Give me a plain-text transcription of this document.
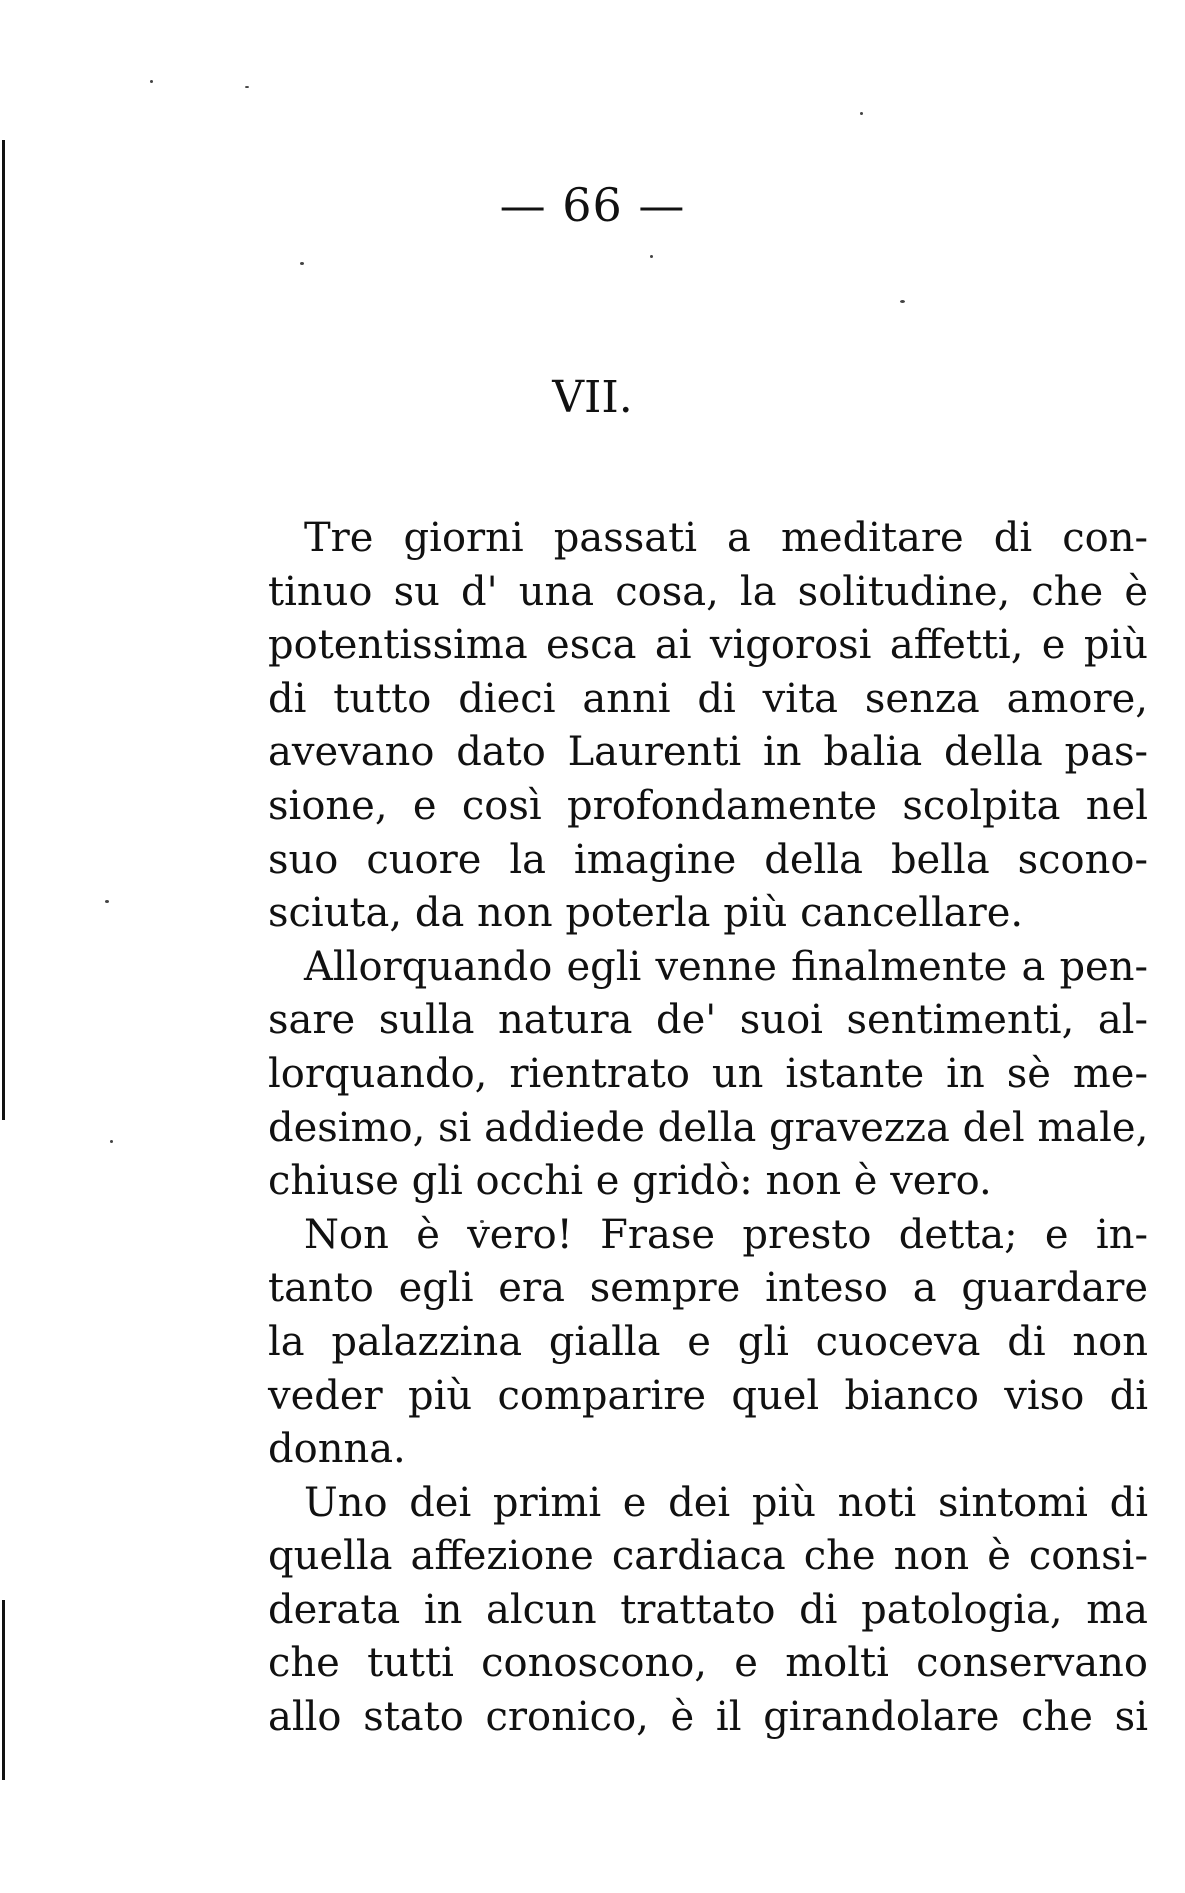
— 66 —
VII.
Tre giorni passati a meditare di con-
tinuo su d' una cosa, la solitudine, che è
potentissima esca ai vigorosi affetti, e più
di tutto dieci anni di vita senza amore,
avevano dato Laurenti in balia della pas-
sione, e così profondamente scolpita nel
suo cuore la imagine della bella scono-
sciuta, da non poterla più cancellare.
Allorquando egli venne finalmente a pen-
sare sulla natura de' suoi sentimenti, al-
lorquando, rientrato un istante in sè me-
desimo, si addiede della gravezza del male,
chiuse gli occhi e gridò: non è vero.
Non è vero! Frase presto detta; e in-
tanto egli era sempre inteso a guardare
la palazzina gialla e gli cuoceva di non
veder più comparire quel bianco viso di
donna.
Uno dei primi e dei più noti sintomi di
quella affezione cardiaca che non è consi-
derata in alcun trattato di patologia, ma
che tutti conoscono, e molti conservano
allo stato cronico, è il girandolare che si
